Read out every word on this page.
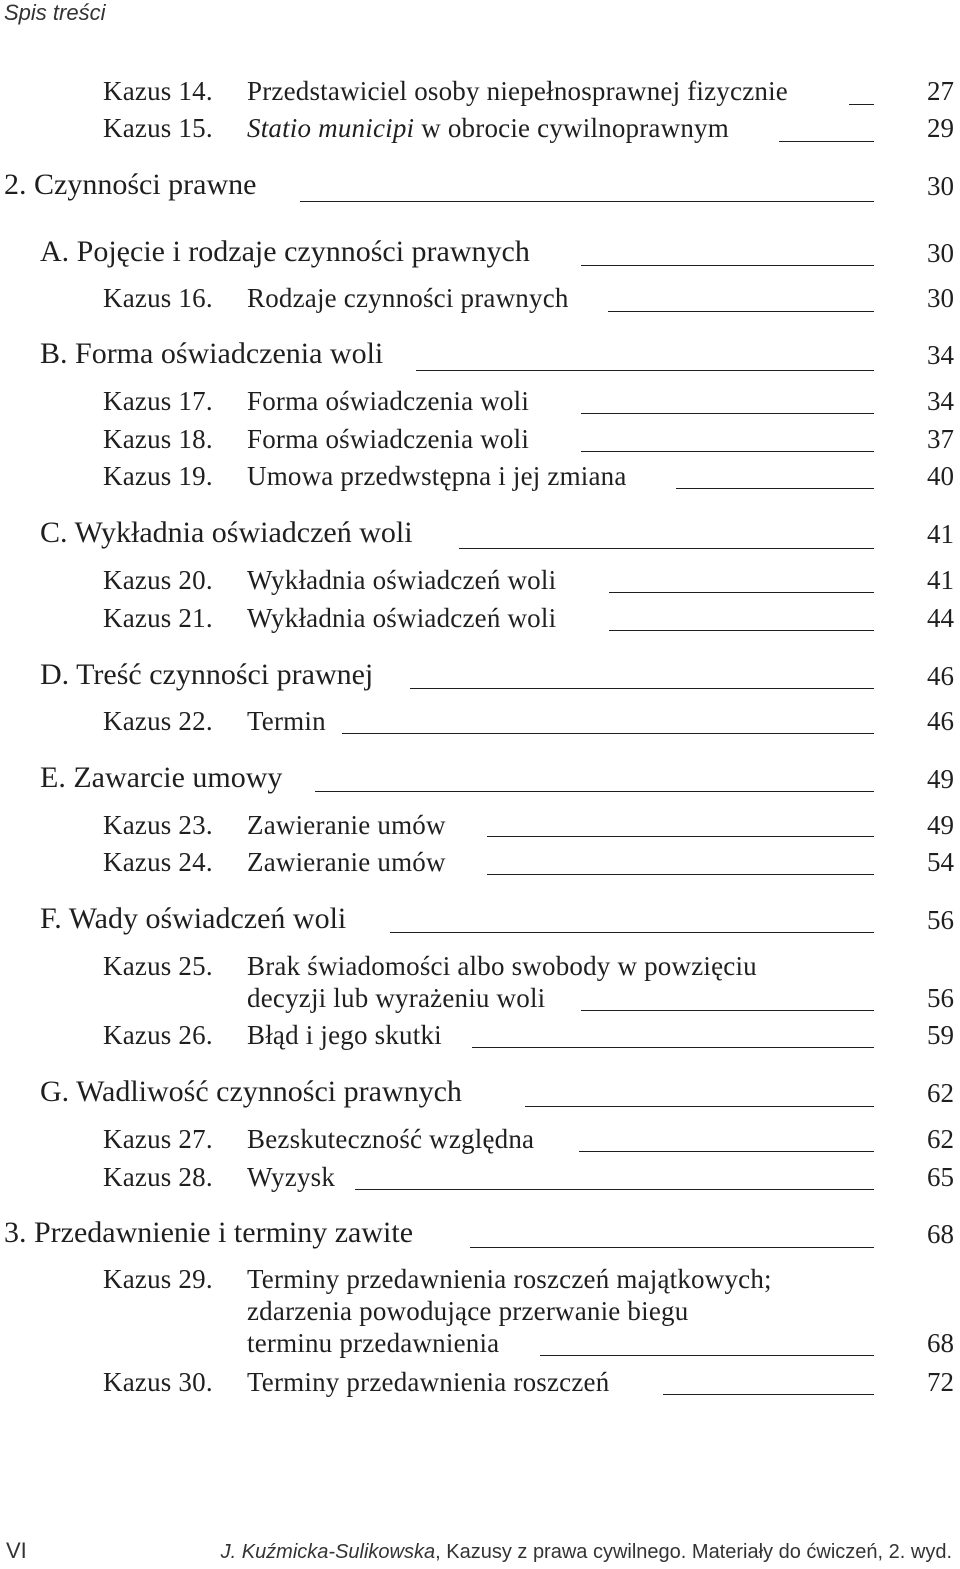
Spis treści
Kazus 14. Przedstawiciel osoby niepełnosprawnej fizycznie	27
Kazus 15. Statio municipi w obrocie cywilnoprawnym	29
2. Czynności prawne	30
A. Pojęcie i rodzaje czynności prawnych	30
Kazus 16. Rodzaje czynności prawnych	30
B. Forma oświadczenia woli	34
Kazus 17. Forma oświadczenia woli	34
Kazus 18. Forma oświadczenia woli	37
Kazus 19. Umowa przedwstępna i jej zmiana	40
C. Wykładnia oświadczeń woli	41
Kazus 20. Wykładnia oświadczeń woli	41
Kazus 21. Wykładnia oświadczeń woli	44
D. Treść czynności prawnej	46
Kazus 22. Termin	46
E. Zawarcie umowy	49
Kazus 23. Zawieranie umów	49
Kazus 24. Zawieranie umów	54
F. Wady oświadczeń woli	56
Kazus 25. Brak świadomości albo swobody w powzięciu
decyzji lub wyrażeniu woli	56
Kazus 26. Błąd i jego skutki	59
G. Wadliwość czynności prawnych	62
Kazus 27. Bezskuteczność względna	62
Kazus 28. Wyzysk	65
3. Przedawnienie i terminy zawite	68
Kazus 29. Terminy przedawnienia roszczeń majątkowych;
zdarzenia powodujące przerwanie biegu
terminu przedawnienia	68
Kazus 30. Terminy przedawnienia roszczeń	72
VI	J. Kuźmicka-Sulikowska, Kazusy z prawa cywilnego. Materiały do ćwiczeń, 2. wyd.
